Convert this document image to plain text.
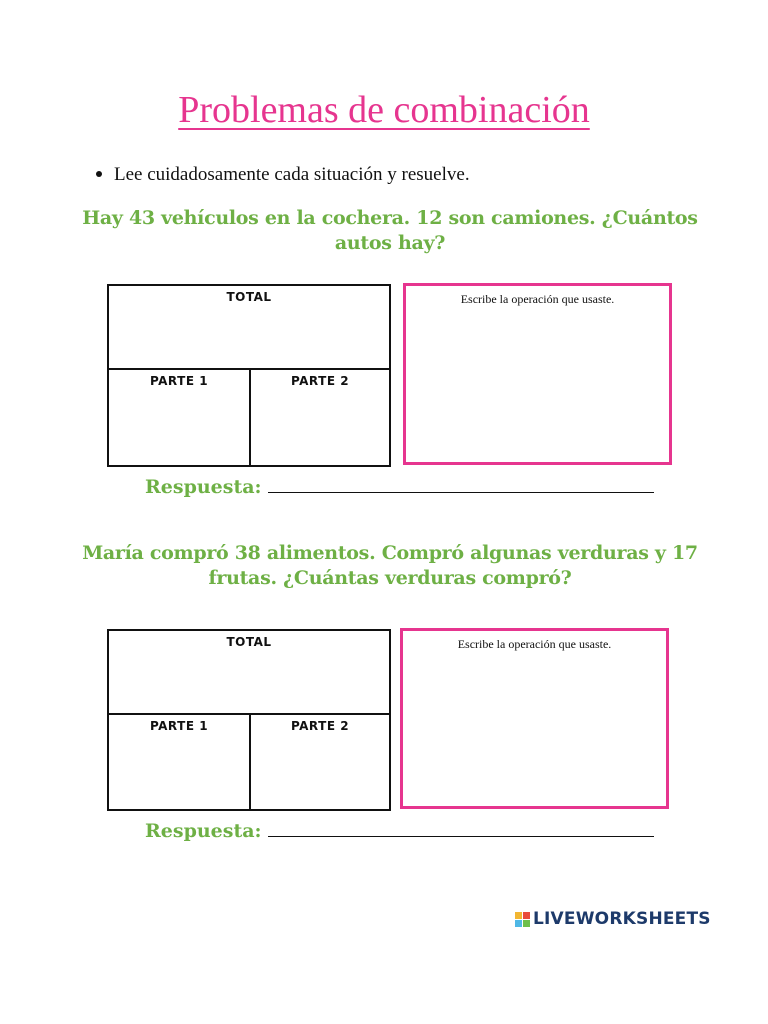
Problemas de combinación
Lee cuidadosamente cada situación y resuelve.
Hay 43 vehículos en la cochera. 12 son camiones. ¿Cuántos
autos hay?
TOTAL
PARTE 1	PARTE 2
Escribe la operación que usaste.
Respuesta:
María compró 38 alimentos. Compró algunas verduras y 17
frutas. ¿Cuántas verduras compró?
TOTAL
PARTE 1	PARTE 2
Escribe la operación que usaste.
Respuesta:
LIVEWORKSHEETS
